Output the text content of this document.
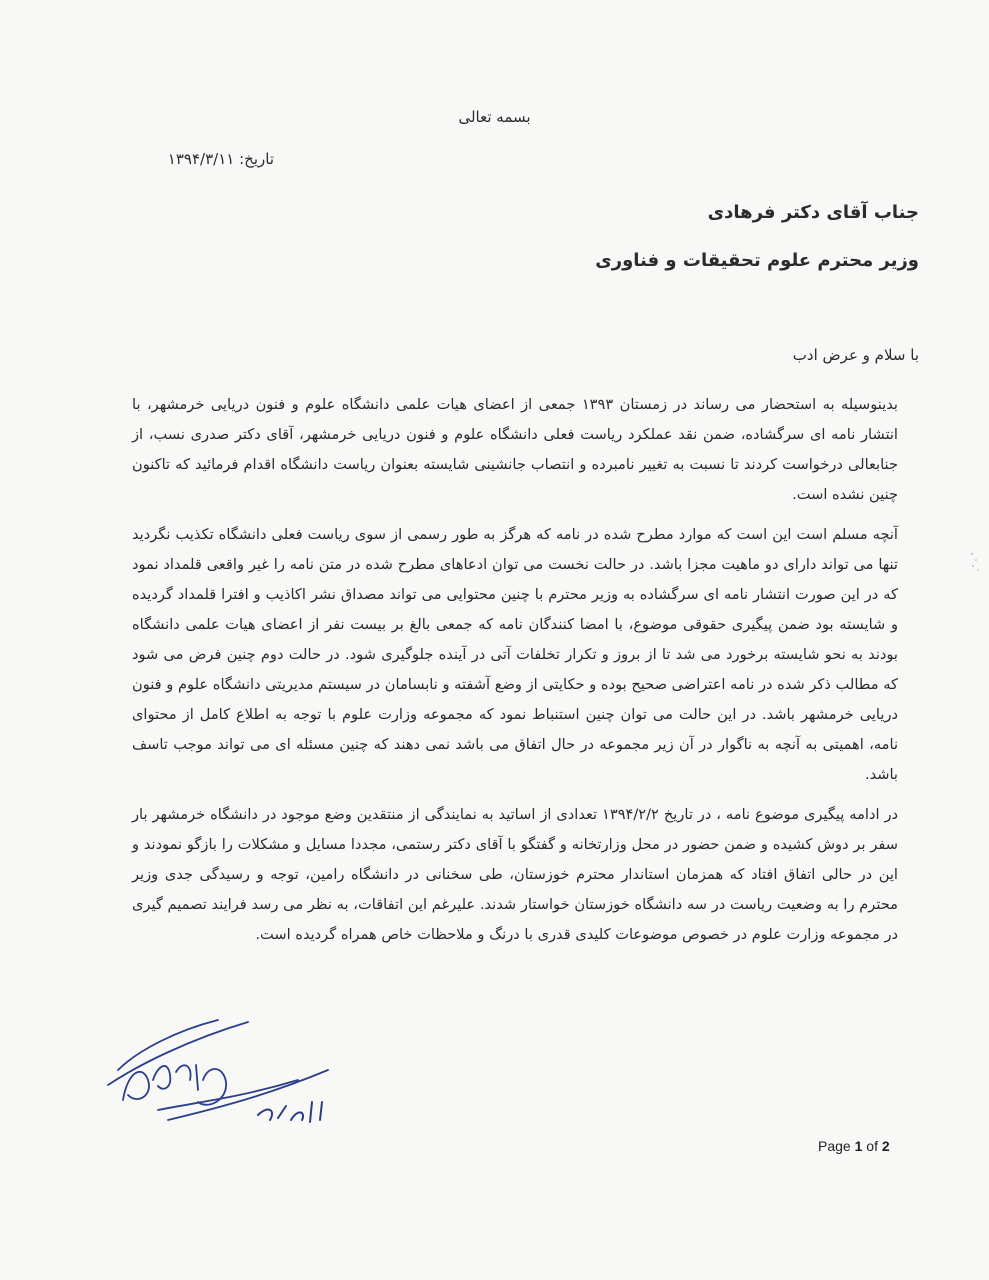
بسمه تعالی
تاریخ: ۱۳۹۴/۳/۱۱
جناب آقای دکتر فرهادی
وزیر محترم علوم تحقیقات و فناوری
با سلام و عرض ادب

بدینوسیله به استحضار می رساند در زمستان ۱۳۹۳ جمعی از اعضای هیات علمی دانشگاه علوم و فنون دریایی خرمشهر، با انتشار نامه ای سرگشاده، ضمن نقد عملکرد ریاست فعلی دانشگاه علوم و فنون دریایی خرمشهر، آقای دکتر صدری نسب، از جنابعالی درخواست کردند تا نسبت به تغییر نامبرده و انتصاب جانشینی شایسته بعنوان ریاست دانشگاه اقدام فرمائید که تاکنون چنین نشده است.

آنچه مسلم است این است که موارد مطرح شده در نامه که هرگز به طور رسمی از سوی ریاست فعلی دانشگاه تکذیب نگردید تنها می تواند دارای دو ماهیت مجزا باشد. در حالت نخست می توان ادعاهای مطرح شده در متن نامه را غیر واقعی قلمداد نمود که در این صورت انتشار نامه ای سرگشاده به وزیر محترم با چنین محتوایی می تواند مصداق نشر اکاذیب و افترا قلمداد گردیده و شایسته بود ضمن پیگیری حقوقی موضوع، با امضا کنندگان نامه که جمعی بالغ بر بیست نفر از اعضای هیات علمی دانشگاه بودند به نحو شایسته برخورد می شد تا از بروز و تکرار تخلفات آتی در آینده جلوگیری شود. در حالت دوم چنین فرض می شود که مطالب ذکر شده در نامه اعتراضی صحیح بوده و حکایتی از وضع آشفته و نابسامان در سیستم مدیریتی دانشگاه علوم و فنون دریایی خرمشهر باشد. در این حالت می توان چنین استنباط نمود که مجموعه وزارت علوم با توجه به اطلاع کامل از محتوای نامه، اهمیتی به آنچه به ناگوار در آن زیر مجموعه در حال اتفاق می باشد نمی دهند که چنین مسئله ای می تواند موجب تاسف باشد.

در ادامه پیگیری موضوع نامه ، در تاریخ ۱۳۹۴/۲/۲ تعدادی از اساتید به نمایندگی از منتقدین وضع موجود در دانشگاه خرمشهر بار سفر بر دوش کشیده و ضمن حضور در محل وزارتخانه و گفتگو با آقای دکتر رستمی، مجددا مسایل و مشکلات را بازگو نمودند و این در حالی اتفاق افتاد که همزمان استاندار محترم خوزستان، طی سخنانی در دانشگاه رامین، توجه و رسیدگی جدی وزیر محترم را به وضعیت ریاست در سه دانشگاه خوزستان خواستار شدند. علیرغم این اتفاقات، به نظر می رسد فرایند تصمیم گیری در مجموعه وزارت علوم در خصوص موضوعات کلیدی قدری با درنگ و ملاحظات خاص همراه گردیده است.

Page 1 of 2
